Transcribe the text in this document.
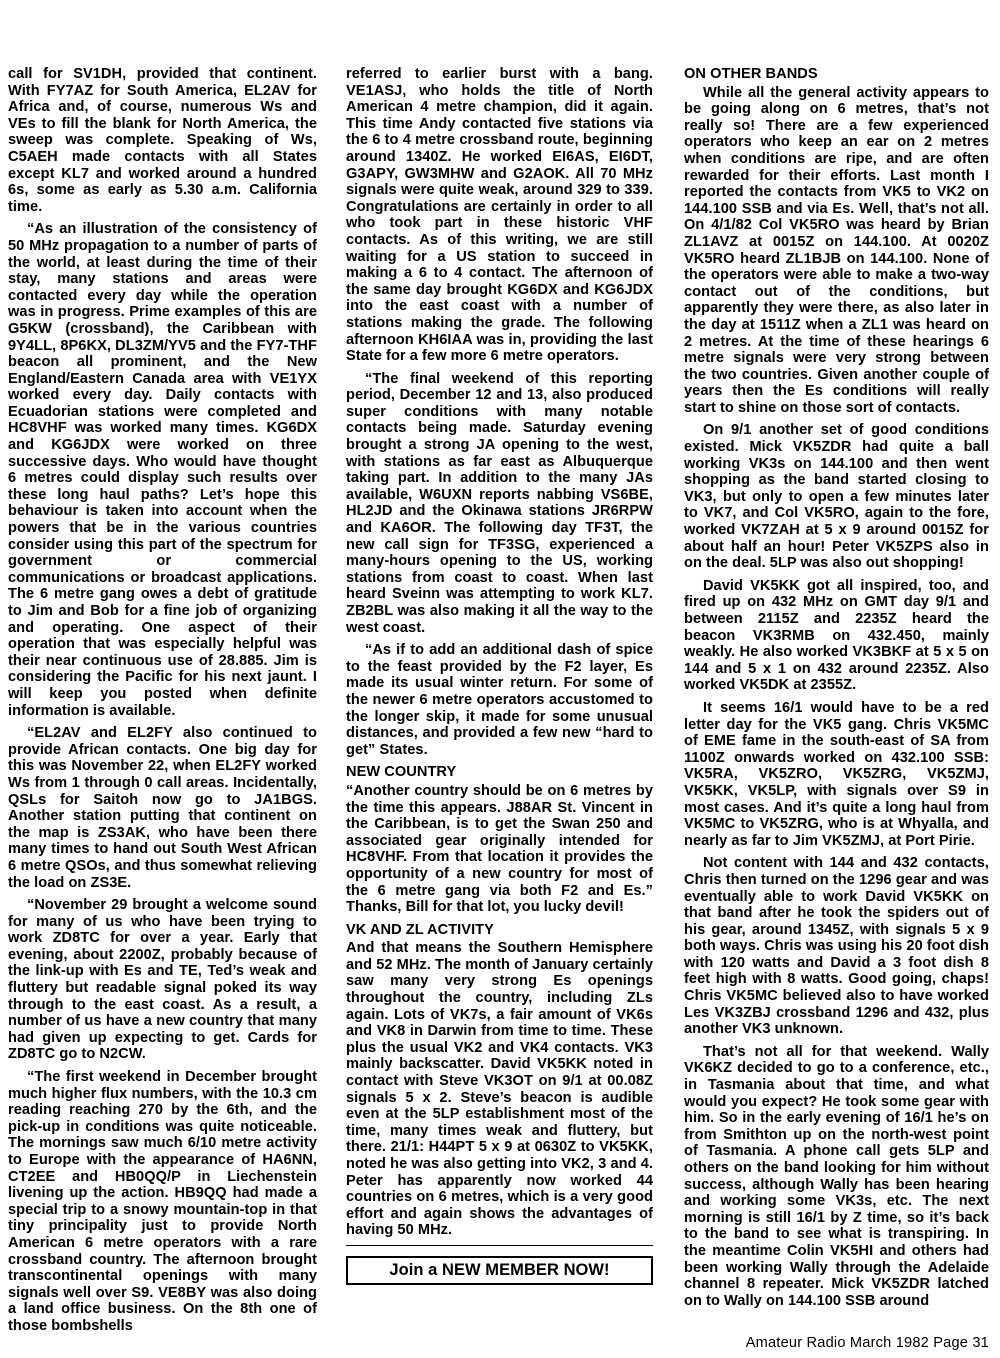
call for SV1DH, provided that continent. With FY7AZ for South America, EL2AV for Africa and, of course, numerous Ws and VEs to fill the blank for North America, the sweep was complete. Speaking of Ws, C5AEH made contacts with all States except KL7 and worked around a hundred 6s, some as early as 5.30 a.m. California time.

“As an illustration of the consistency of 50 MHz propagation to a number of parts of the world, at least during the time of their stay, many stations and areas were contacted every day while the operation was in progress. Prime examples of this are G5KW (crossband), the Caribbean with 9Y4LL, 8P6KX, DL3ZM/YV5 and the FY7-THF beacon all prominent, and the New England/Eastern Canada area with VE1YX worked every day. Daily contacts with Ecuadorian stations were completed and HC8VHF was worked many times. KG6DX and KG6JDX were worked on three successive days. Who would have thought 6 metres could display such results over these long haul paths? Let’s hope this behaviour is taken into account when the powers that be in the various countries consider using this part of the spectrum for government or commercial communications or broadcast applications. The 6 metre gang owes a debt of gratitude to Jim and Bob for a fine job of organizing and operating. One aspect of their operation that was especially helpful was their near continuous use of 28.885. Jim is considering the Pacific for his next jaunt. I will keep you posted when definite information is available.

“EL2AV and EL2FY also continued to provide African contacts. One big day for this was November 22, when EL2FY worked Ws from 1 through 0 call areas. Incidentally, QSLs for Saitoh now go to JA1BGS. Another station putting that continent on the map is ZS3AK, who have been there many times to hand out South West African 6 metre QSOs, and thus somewhat relieving the load on ZS3E.

“November 29 brought a welcome sound for many of us who have been trying to work ZD8TC for over a year. Early that evening, about 2200Z, probably because of the link-up with Es and TE, Ted’s weak and fluttery but readable signal poked its way through to the east coast. As a result, a number of us have a new country that many had given up expecting to get. Cards for ZD8TC go to N2CW.

“The first weekend in December brought much higher flux numbers, with the 10.3 cm reading reaching 270 by the 6th, and the pick-up in conditions was quite noticeable. The mornings saw much 6/10 metre activity to Europe with the appearance of HA6NN, CT2EE and HB0QQ/P in Liechenstein livening up the action. HB9QQ had made a special trip to a snowy mountain-top in that tiny principality just to provide North American 6 metre operators with a rare crossband country. The afternoon brought transcontinental openings with many signals well over S9. VE8BY was also doing a land office business. On the 8th one of those bombshells

referred to earlier burst with a bang. VE1ASJ, who holds the title of North American 4 metre champion, did it again. This time Andy contacted five stations via the 6 to 4 metre crossband route, beginning around 1340Z. He worked EI6AS, EI6DT, G3APY, GW3MHW and G2AOK. All 70 MHz signals were quite weak, around 329 to 339. Congratulations are certainly in order to all who took part in these historic VHF contacts. As of this writing, we are still waiting for a US station to succeed in making a 6 to 4 contact. The afternoon of the same day brought KG6DX and KG6JDX into the east coast with a number of stations making the grade. The following afternoon KH6IAA was in, providing the last State for a few more 6 metre operators.

“The final weekend of this reporting period, December 12 and 13, also produced super conditions with many notable contacts being made. Saturday evening brought a strong JA opening to the west, with stations as far east as Albuquerque taking part. In addition to the many JAs available, W6UXN reports nabbing VS6BE, HL2JD and the Okinawa stations JR6RPW and KA6OR. The following day TF3T, the new call sign for TF3SG, experienced a many-hours opening to the US, working stations from coast to coast. When last heard Sveinn was attempting to work KL7. ZB2BL was also making it all the way to the west coast.

“As if to add an additional dash of spice to the feast provided by the F2 layer, Es made its usual winter return. For some of the newer 6 metre operators accustomed to the longer skip, it made for some unusual distances, and provided a few new “hard to get” States.

NEW COUNTRY

“Another country should be on 6 metres by the time this appears. J88AR St. Vincent in the Caribbean, is to get the Swan 250 and associated gear originally intended for HC8VHF. From that location it provides the opportunity of a new country for most of the 6 metre gang via both F2 and Es.” Thanks, Bill for that lot, you lucky devil!

VK AND ZL ACTIVITY

And that means the Southern Hemisphere and 52 MHz. The month of January certainly saw many very strong Es openings throughout the country, including ZLs again. Lots of VK7s, a fair amount of VK6s and VK8 in Darwin from time to time. These plus the usual VK2 and VK4 contacts. VK3 mainly backscatter. David VK5KK noted in contact with Steve VK3OT on 9/1 at 00.08Z signals 5 x 2. Steve’s beacon is audible even at the 5LP establishment most of the time, many times weak and fluttery, but there. 21/1: H44PT 5 x 9 at 0630Z to VK5KK, noted he was also getting into VK2, 3 and 4. Peter has apparently now worked 44 countries on 6 metres, which is a very good effort and again shows the advantages of having 50 MHz.

Join a NEW MEMBER NOW!
ON OTHER BANDS

While all the general activity appears to be going along on 6 metres, that’s not really so! There are a few experienced operators who keep an ear on 2 metres when conditions are ripe, and are often rewarded for their efforts. Last month I reported the contacts from VK5 to VK2 on 144.100 SSB and via Es. Well, that’s not all. On 4/1/82 Col VK5RO was heard by Brian ZL1AVZ at 0015Z on 144.100. At 0020Z VK5RO heard ZL1BJB on 144.100. None of the operators were able to make a two-way contact out of the conditions, but apparently they were there, as also later in the day at 1511Z when a ZL1 was heard on 2 metres. At the time of these hearings 6 metre signals were very strong between the two countries. Given another couple of years then the Es conditions will really start to shine on those sort of contacts.

On 9/1 another set of good conditions existed. Mick VK5ZDR had quite a ball working VK3s on 144.100 and then went shopping as the band started closing to VK3, but only to open a few minutes later to VK7, and Col VK5RO, again to the fore, worked VK7ZAH at 5 x 9 around 0015Z for about half an hour! Peter VK5ZPS also in on the deal. 5LP was also out shopping!

David VK5KK got all inspired, too, and fired up on 432 MHz on GMT day 9/1 and between 2115Z and 2235Z heard the beacon VK3RMB on 432.450, mainly weakly. He also worked VK3BKF at 5 x 5 on 144 and 5 x 1 on 432 around 2235Z. Also worked VK5DK at 2355Z.

It seems 16/1 would have to be a red letter day for the VK5 gang. Chris VK5MC of EME fame in the south-east of SA from 1100Z onwards worked on 432.100 SSB: VK5RA, VK5ZRO, VK5ZRG, VK5ZMJ, VK5KK, VK5LP, with signals over S9 in most cases. And it’s quite a long haul from VK5MC to VK5ZRG, who is at Whyalla, and nearly as far to Jim VK5ZMJ, at Port Pirie.

Not content with 144 and 432 contacts, Chris then turned on the 1296 gear and was eventually able to work David VK5KK on that band after he took the spiders out of his gear, around 1345Z, with signals 5 x 9 both ways. Chris was using his 20 foot dish with 120 watts and David a 3 foot dish 8 feet high with 8 watts. Good going, chaps! Chris VK5MC believed also to have worked Les VK3ZBJ crossband 1296 and 432, plus another VK3 unknown.

That’s not all for that weekend. Wally VK6KZ decided to go to a conference, etc., in Tasmania about that time, and what would you expect? He took some gear with him. So in the early evening of 16/1 he’s on from Smithton up on the north-west point of Tasmania. A phone call gets 5LP and others on the band looking for him without success, although Wally has been hearing and working some VK3s, etc. The next morning is still 16/1 by Z time, so it’s back to the band to see what is transpiring. In the meantime Colin VK5HI and others had been working Wally through the Adelaide channel 8 repeater. Mick VK5ZDR latched on to Wally on 144.100 SSB around

Amateur Radio March 1982 Page 31
